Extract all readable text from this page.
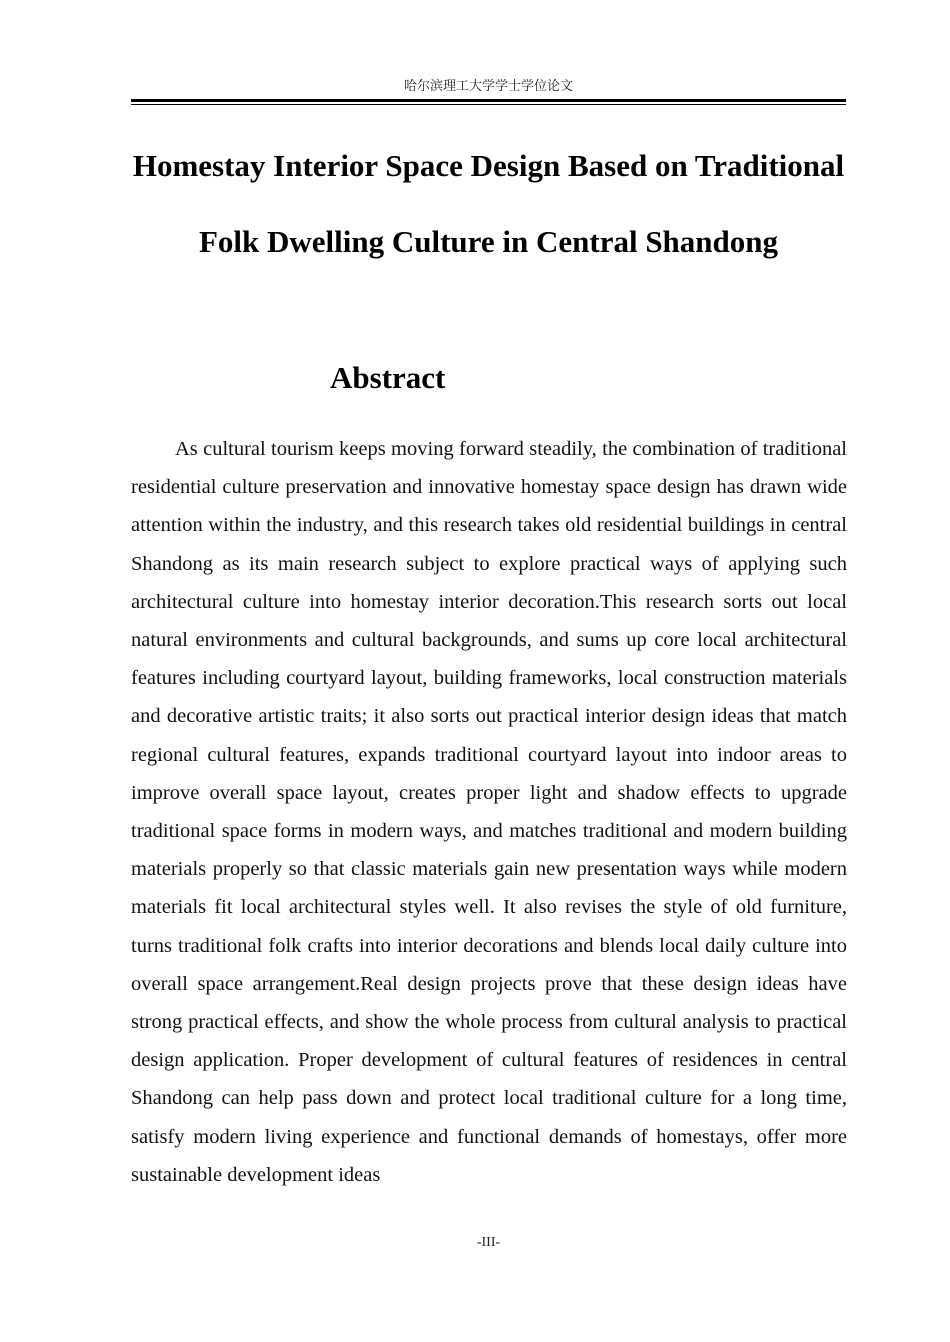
哈尔滨理工大学学士学位论文
Homestay Interior Space Design Based on Traditional Folk Dwelling Culture in Central Shandong
Abstract

As cultural tourism keeps moving forward steadily, the combination of traditional residential culture preservation and innovative homestay space design has drawn wide attention within the industry, and this research takes old residential buildings in central Shandong as its main research subject to explore practical ways of applying such architectural culture into homestay interior decoration.This research sorts out local natural environments and cultural backgrounds, and sums up core local architectural features including courtyard layout, building frameworks, local construction materials and decorative artistic traits; it also sorts out practical interior design ideas that match regional cultural features, expands traditional courtyard layout into indoor areas to improve overall space layout, creates proper light and shadow effects to upgrade traditional space forms in modern ways, and matches traditional and modern building materials properly so that classic materials gain new presentation ways while modern materials fit local architectural styles well. It also revises the style of old furniture, turns traditional folk crafts into interior decorations and blends local daily culture into overall space arrangement.Real design projects prove that these design ideas have strong practical effects, and show the whole process from cultural analysis to practical design application. Proper development of cultural features of residences in central Shandong can help pass down and protect local traditional culture for a long time, satisfy modern living experience and functional demands of homestays, offer more sustainable development ideas

-III-
